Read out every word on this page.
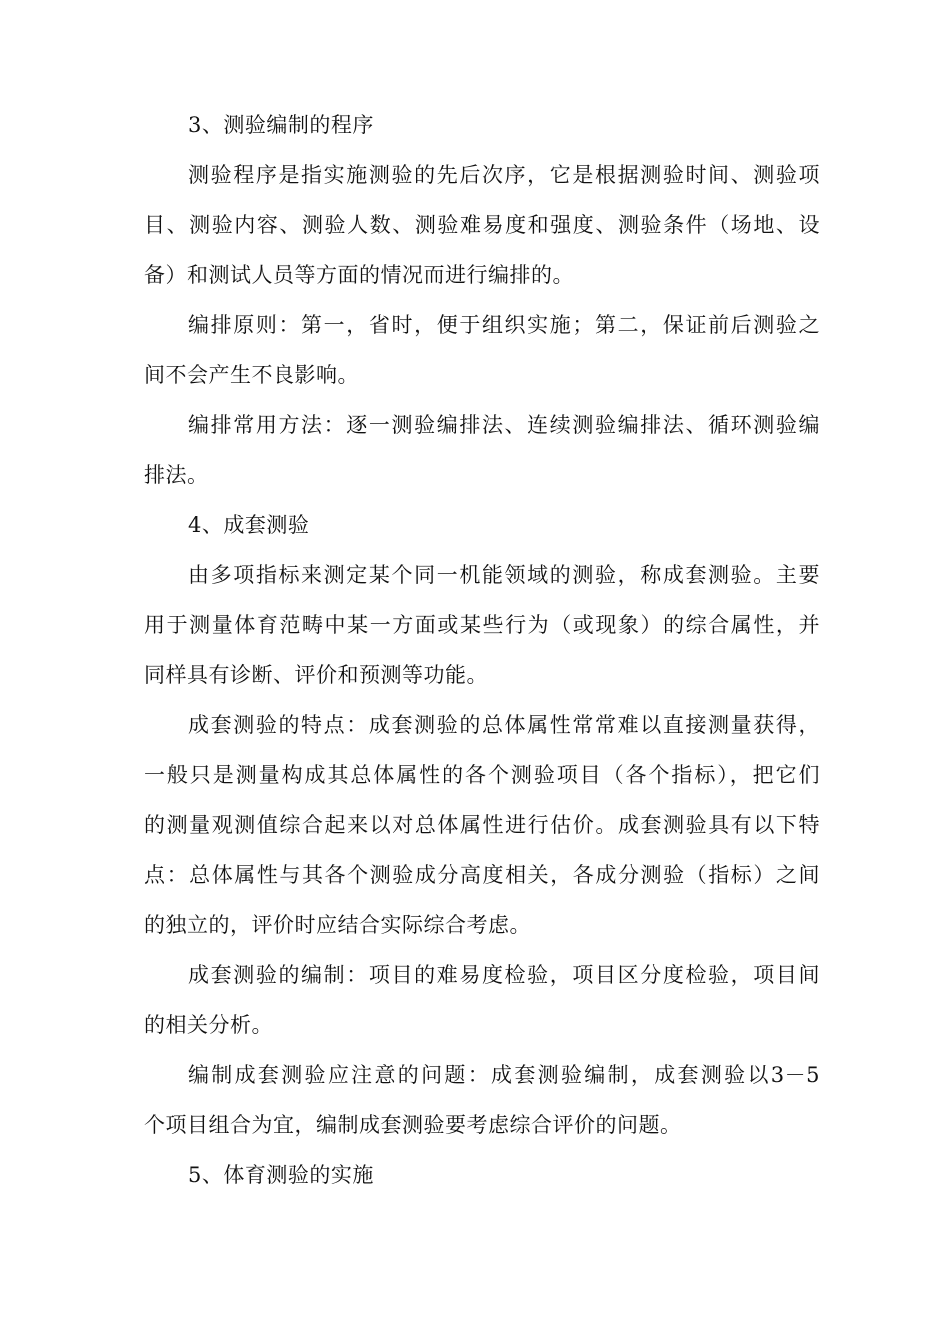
3、测验编制的程序
测验程序是指实施测验的先后次序，它是根据测验时间、测验项
目、测验内容、测验人数、测验难易度和强度、测验条件（场地、设
备）和测试人员等方面的情况而进行编排的。
编排原则：第一，省时，便于组织实施；第二，保证前后测验之
间不会产生不良影响。
编排常用方法：逐一测验编排法、连续测验编排法、循环测验编
排法。
4、成套测验
由多项指标来测定某个同一机能领域的测验，称成套测验。主要
用于测量体育范畴中某一方面或某些行为（或现象）的综合属性，并
同样具有诊断、评价和预测等功能。
成套测验的特点：成套测验的总体属性常常难以直接测量获得，
一般只是测量构成其总体属性的各个测验项目（各个指标），把它们
的测量观测值综合起来以对总体属性进行估价。成套测验具有以下特
点：总体属性与其各个测验成分高度相关，各成分测验（指标）之间
的独立的，评价时应结合实际综合考虑。
成套测验的编制：项目的难易度检验，项目区分度检验，项目间
的相关分析。
编制成套测验应注意的问题：成套测验编制，成套测验以3－5
个项目组合为宜，编制成套测验要考虑综合评价的问题。
5、体育测验的实施
